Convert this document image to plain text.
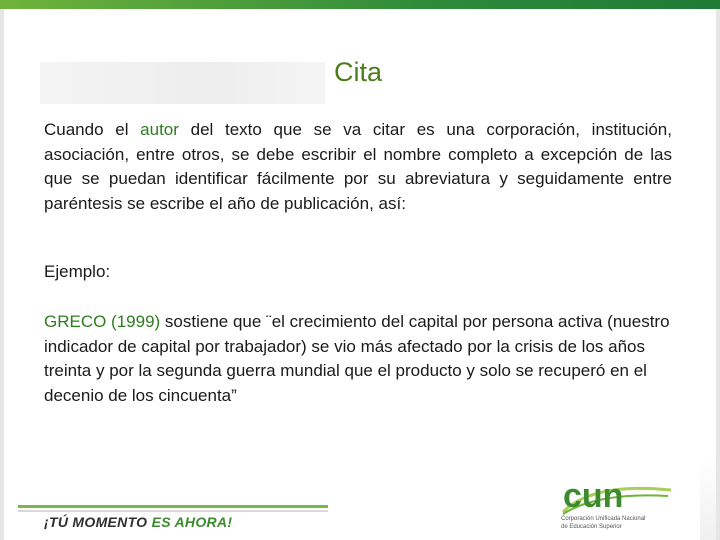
Cita
Cuando el autor del texto que se va citar es una corporación, institución, asociación, entre otros, se debe escribir el nombre completo a excepción de las que se puedan identificar fácilmente por su abreviatura y seguidamente entre paréntesis se escribe el año de publicación, así:
Ejemplo:
GRECO (1999) sostiene que ¨el crecimiento del capital por persona activa (nuestro indicador de capital por trabajador) se vio más afectado por la crisis de los años treinta y por la segunda guerra mundial que el producto y solo se recuperó en el decenio de los cincuenta”
¡TÚ MOMENTO ES AHORA!
cun
Corporación Unificada Nacional
de Educación Superior
